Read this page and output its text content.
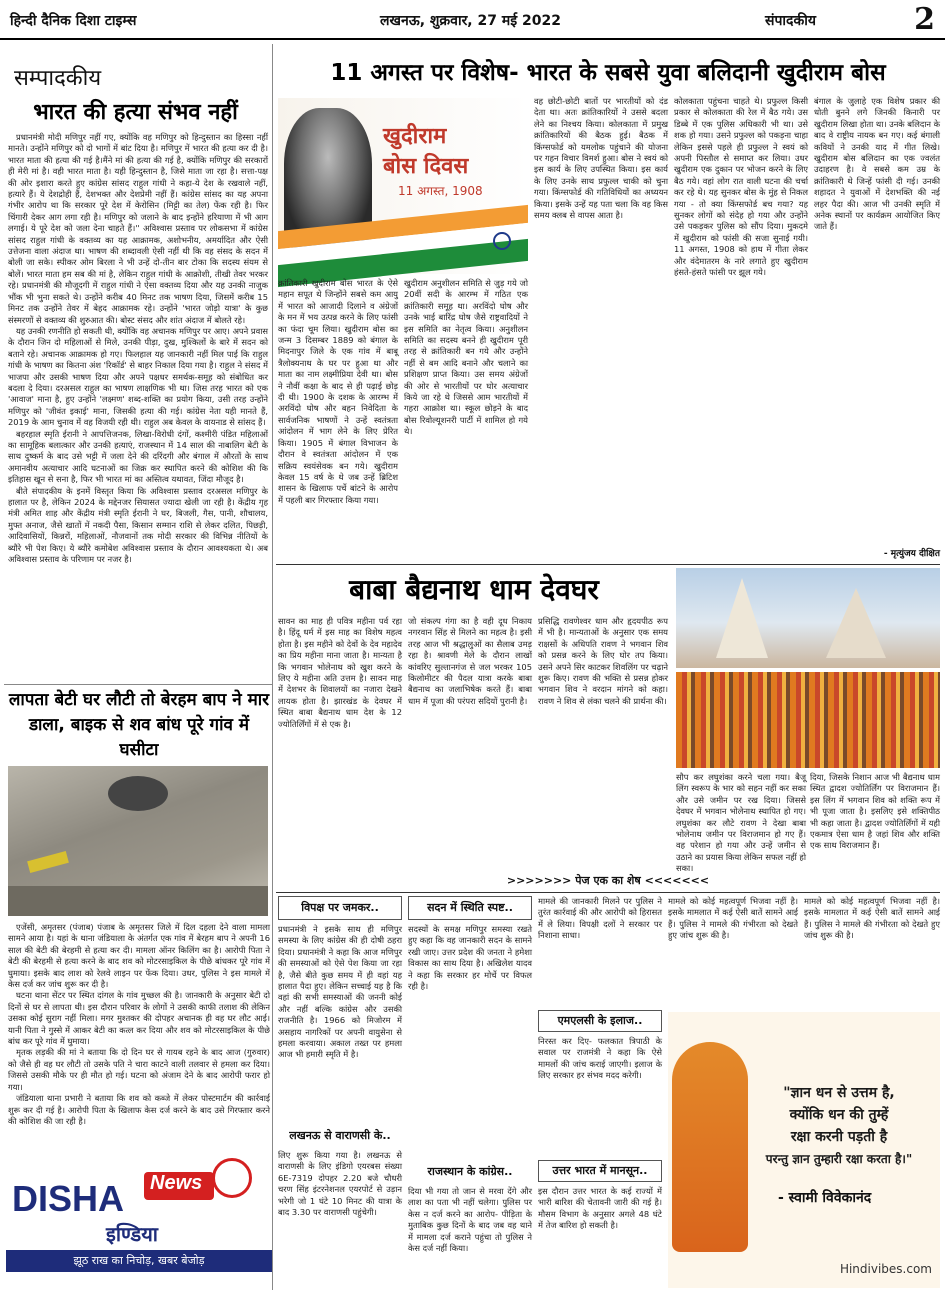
हिन्दी दैनिक दिशा टाइम्स	लखनऊ, शुक्रवार, 27 मई 2022	संपादकीय	2
सम्पादकीय
भारत की हत्या संभव नहीं

प्रधानमंत्री मोदी मणिपुर नहीं गए, क्योंकि वह मणिपुर को हिन्दुस्तान का हिस्सा नहीं मानते। उन्होंने मणिपुर को दो भागों में बांट दिया है। मणिपुर में भारत की हत्या कर दी है।भारत माता की हत्या की गई है।मैंने मां की हत्या की गई है, क्योंकि मणिपुर की सरकारों ही मेरी मां है। वही भारत माता है। यही हिन्दुस्तान है, जिसे माता जा रहा है। सत्ता-पक्ष की ओर इशारा करते हुए कांग्रेस सांसद राहुल गांधी ने कहा-ये देश के रखवाले नहीं, हत्यारे हैं। ये देशद्रोही हैं, देशभक्त और देशप्रेमी नहीं हैं। कांग्रेस सांसद का यह अपना गंभीर आरोप था कि सरकार पूरे देश में केरोसिन (मिट्टी का तेल) फेंक रही है। फिर चिंगारी देकर आग लगा रही है। मणिपुर को जलाने के बाद इन्होंने हरियाणा में भी आग लगाई। ये पूरे देश को जला देना चाहते हैं।'' अविश्वास प्रस्ताव पर लोकसभा में कांग्रेस सांसद राहुल गांधी के वक्तव्य का यह आक्रामक, अशोभनीय, अमर्यादित और ऐसी उत्तेजना वाला अंदाज था। भाषण की शब्दावली ऐसी नहीं थी कि वह संसद के सदन में बोली जा सके। स्पीकर ओम बिरला ने भी उन्हें दो-तीन बार टोका कि सदस्य संयम से बोलें। भारत माता हम सब की मां है, लेकिन राहुल गांधी के आक्रोशी, तीखी तेवर भरकर रहे। प्रधानमंत्री की मौजूदगी में राहुल गांधी ने ऐसा वक्तव्य दिया और यह उनकी नाजुक भौंक भी भुना सकते थे। उन्होंने करीब 40 मिनट तक भाषण दिया, जिसमें करीब 15 मिनट तक उन्होंने तेवर में बेहद आक्रामक रहे। उन्होंने 'भारत जोड़ो यात्रा' के कुछ संस्मरणों से वक्तव्य की शुरुआत की। बोस्ट संसद और शांत अंदाज में बोलते रहे।

यह उनकी रणनीति हो सकती थी, क्योंकि वह अचानक मणिपुर पर आए। अपने प्रवास के दौरान जिन दो महिलाओं से मिले, उनकी पीड़ा, दुख, मुश्किलों के बारे में सदन को बताने रहे। अचानक आक्रामक हो गए। फिलहाल यह जानकारी नहीं मिल पाई कि राहुल गांधी के भाषण का कितना अंश 'रिकॉर्ड' से बाहर निकाल दिया गया है। राहुल ने संसद में भाजपा और उसकी भाषण दिया और अपने पक्षधर समर्थक-समूह को संबोधित कर बदला दे दिया। दरअसल राहुल का भाषण लाक्षणिक भी था। जिस तरह भारत को एक 'आवाज' माना है, हुए उन्होंने 'लक्ष्मण' शब्द-शक्ति का प्रयोग किया, उसी तरह उन्होंने मणिपुर को 'जीवंत इकाई' माना, जिसकी हत्या की गई। कांग्रेस नेता यही मानते हैं, 2019 के आम चुनाव में वह विजयी रही थी। राहुल अब केवल के वायनाड से सांसद हैं।

बहरहाल स्मृति ईरानी ने आपत्तिजनक, लिखा-विरोधी दंगों, कश्मीरी पंडित महिलाओं का सामूहिक बलात्कार और उनकी हत्याएं, राजस्थान में 14 साल की नाबालिग बेटी के साथ दुष्कर्म के बाद उसे भट्टी में जला देने की दरिंदगी और बंगाल में औरतों के साथ अमानवीय अत्याचार आदि घटनाओं का जिक्र कर स्थापित करने की कोशिश की कि इतिहास खून से सना है, फिर भी भारत मां का अस्तित्व यथावत, जिंदा मौजूद है।

बीते संपादकीय के इनमें विस्तृत किया कि अविश्वास प्रस्ताव दरअसल मणिपुर के हालात पर है, लेकिन 2024 के मद्देनजर सियासत ज्यादा खेली जा रही है। केंद्रीय गृह मंत्री अमित शाह और केंद्रीय मंत्री स्मृति ईरानी ने घर, बिजली, गैस, पानी, शौचालय, मुफ्त अनाज, जैसे खातों में नकदी पैसा, किसान सम्मान राशि से लेकर दलित, पिछड़ी, आदिवासियों, किन्नरों, महिलाओं, नौजवानों तक मोदी सरकार की विभिन्न नीतियों के ब्यौरे भी पेश किए। ये ब्यौरे कमोबेश अविश्वास प्रस्ताव के दौरान आवश्यकता थे। अब अविश्वास प्रस्ताव के परिणाम पर नजर है।

लापता बेटी घर लौटी तो बेरहम बाप ने मार डाला, बाइक से शव बांध पूरे गांव में घसीटा

एजेंसी, अमृतसर (पंजाब) पंजाब के अमृतसर जिले में दिल दहला देने वाला मामला सामने आया है। यहां के थाना जंडियाला के अंतर्गत एक गांव में बेरहम बाप ने अपनी 16 साल की बेटी की बेरहमी से हत्या कर दी। मामला ऑनर किलिंग का है। आरोपी पिता ने बेटी की बेरहमी से हत्या करने के बाद शव को मोटरसाइकिल के पीछे बांधकर पूरे गांव में घुमाया। इसके बाद लाश को रेलवे लाइन पर फेंक दिया। उधर, पुलिस ने इस मामले में केस दर्ज कर जांच शुरू कर दी है।

घटना थाना सेंटर पर स्थित दांगल के गांव मुच्छल की है। जानकारी के अनुसार बेटी दो दिनों से घर से लापता थी। इस दौरान परिवार के लोगों ने उसकी काफी तलाश की लेकिन उसका कोई सुराग नहीं मिला। मगर मुश्तकर की दोपहर अचानक ही वह घर लौट आई। यानी पिता ने गुस्से में आकर बेटी का कत्ल कर दिया और शव को मोटरसाइकिल के पीछे बांध कर पूरे गांव में घुमाया।

मृतक लड़की की मां ने बताया कि दो दिन घर से गायब रहने के बाद आज (गुरुवार) को जैसे ही वह घर लौटी तो उसके पति ने चारा काटने वाली तलवार से हमला कर दिया। जिससे उसकी मौके पर ही मौत हो गई। घटना को अंजाम देने के बाद आरोपी फरार हो गया।

जंडियाला थाना प्रभारी ने बताया कि शव को कब्जे में लेकर पोस्टमार्टम की कार्रवाई शुरू कर दी गई है। आरोपी पिता के खिलाफ केस दर्ज करने के बाद उसे गिरफ्तार करने की कोशिश की जा रही है।

DISHA	News
इण्डिया
झूठ राख का निचोड़, खबर बेजोड़
11 अगस्त पर विशेष- भारत के सबसे युवा बलिदानी खुदीराम बोस
खुदीराम
बोस दिवस
11 अगस्त, 1908
क्रांतिकारी खुदीराम बोस भारत के ऐसे महान सपूत थे जिन्होंने सबसे कम आयु में भारत को आजादी दिलाने व अंग्रेजों के मन में भय उत्पन्न करने के लिए फांसी का फंदा चूम लिया। खुदीराम बोस का जन्म 3 दिसम्बर 1889 को बंगाल के मिदनापुर जिले के एक गांव में बाबू त्रैलोक्यनाथ के घर पर हुआ था और माता का नाम लक्ष्मीप्रिया देवी था। बोस ने नौवीं कक्षा के बाद से ही पढ़ाई छोड़ दी थी। 1900 के दशक के आरम्भ में अरविंदो घोष और बहन निवेदिता के सार्वजनिक भाषणों ने उन्हें स्वतंत्रता आंदोलन में भाग लेने के लिए प्रेरित किया। 1905 में बंगाल विभाजन के दौरान वे स्वतंत्रता आंदोलन में एक सक्रिय स्वयंसेवक बन गये। खुदीराम केवल 15 वर्ष के थे जब उन्हें ब्रिटिश शासन के खिलाफ पर्चे बांटने के आरोप में पहली बार गिरफ्तार किया गया।
खुदीराम अनुशीलन समिति से जुड़ गये जो 20वीं सदी के आरम्भ में गठित एक क्रांतिकारी समूह था। अरविंदो घोष और उनके भाई बारिंद्र घोष जैसे राष्ट्रवादियों ने इस समिति का नेतृत्व किया। अनुशीलन समिति का सदस्य बनने ही खुदीराम पूरी तरह से क्रांतिकारी बन गये और उन्होंने नहीं से बम आदि बनाने और चलाने का प्रशिक्षण प्राप्त किया। उस समय अंग्रेजों की ओर से भारतीयों पर घोर अत्याचार किये जा रहे थे जिससे आम भारतीयों में गहरा आक्रोश था। स्कूल छोड़ने के बाद बोस रिवोल्यूशनरी पार्टी में शामिल हो गये थे।
वह छोटी-छोटी बातों पर भारतीयों को दंड देता था। अतः क्रांतिकारियों ने उससे बदला लेने का निश्चय किया। कोलकाता में प्रमुख क्रांतिकारियों की बैठक हुई। बैठक में किंग्सफोर्ड को यमलोक पहुंचाने की योजना पर गहन विचार विमर्श हुआ। बोस ने स्वयं को इस कार्य के लिए उपस्थित किया। इस कार्य के लिए उनके साथ प्रफुल्ल चाकी को चुना गया। किंग्सफोर्ड की गतिविधियों का अध्ययन किया। इसके उन्हें यह पता चला कि वह किस समय क्लब से वापस आता है।
कोलकाता पहुंचना चाहते थे। प्रफुल्ल किसी प्रकार से कोलकाता की रेल में बैठ गये। उस डिब्बे में एक पुलिस अधिकारी भी था। उसे शक हो गया। उसने प्रफुल्ल को पकड़ना चाहा लेकिन इससे पहले ही प्रफुल्ल ने स्वयं को अपनी पिस्तौल से समाप्त कर लिया। उधर खुदीराम एक दुकान पर भोजन करने के लिए बैठ गये। वहां लोग रात वाली घटना की चर्चा कर रहे थे। यह सुनकर बोस के मुंह से निकल गया - तो क्या किंग्सफोर्ड बच गया? यह सुनकर लोगों को संदेह हो गया और उन्होंने उसे पकड़कर पुलिस को सौंप दिया। मुकदमे में खुदीराम को फांसी की सजा सुनाई गयी। 11 अगस्त, 1908 को हाथ में गीता लेकर और वंदेमातरम के नारे लगाते हुए खुदीराम हंसते-हंसते फांसी पर झूल गये।
बंगाल के जुलाहे एक विशेष प्रकार की धोती बुनने लगे जिनकी किनारी पर खुदीराम लिखा होता था। उनके बलिदान के बाद वे राष्ट्रीय नायक बन गए। कई बंगाली कवियों ने उनकी याद में गीत लिखे। खुदीराम बोस बलिदान का एक ज्वलंत उदाहरण है। वे सबसे कम उम्र के क्रांतिकारी थे जिन्हें फांसी दी गई। उनकी शहादत ने युवाओं में देशभक्ति की नई लहर पैदा की। आज भी उनकी स्मृति में अनेक स्थानों पर कार्यक्रम आयोजित किए जाते हैं।
- मृत्युंजय दीक्षित
बाबा बैद्यनाथ धाम देवघर
सावन का माह ही पवित्र महीना पर्व रहा है। हिंदू धर्म में इस माह का विशेष महत्व होता है। इस महीने को देवों के देव महादेव का प्रिय महीना माना जाता है। मान्यता है कि भगवान भोलेनाथ को खुश करने के लिए ये महीना अति उत्तम है। सावन माह में देशभर के शिवालयों का नजारा देखने लायक होता है। झारखंड के देवघर में स्थित बाबा बैद्यनाथ धाम देश के 12 ज्योतिर्लिंगों में से एक है।
जो संकल्प गंगा का है वही दूध निकाय नगरवान सिंह से मिलने का महत्व है। इसी तरह आज भी श्रद्धालुओं का सैलाब उमड़ रहा है। श्रावणी मेले के दौरान लाखों कांवरिए सुल्तानगंज से जल भरकर 105 किलोमीटर की पैदल यात्रा करके बाबा बैद्यनाथ का जलाभिषेक करते हैं। बाबा धाम में पूजा की परंपरा सदियों पुरानी है।
प्रसिद्धि रावणेश्वर धाम और हृदयपीठ रूप में भी है। मान्यताओं के अनुसार एक समय राक्षसों के अधिपति रावण ने भगवान शिव को प्रसन्न करने के लिए घोर तप किया। उसने अपने सिर काटकर शिवलिंग पर चढ़ाने शुरू किए। रावण की भक्ति से प्रसन्न होकर भगवान शिव ने वरदान मांगने को कहा। रावण ने शिव से लंका चलने की प्रार्थना की।
सौप कर लघुशंका करने चला गया। बैजू लिंग स्वरूप के भार को सहन नहीं कर सका और उसे जमीन पर रख दिया। जिससे देवघर में भगवान भोलेनाथ स्थापित हो गए। लघुशंका कर लौटे रावण ने देखा बाबा भोलेनाथ जमीन पर विराजमान हो गए हैं। वह परेशान हो गया और उन्हें जमीन से उठाने का प्रयास किया लेकिन सफल नहीं हो सका।
दिया, जिसके निशान आज भी बैद्यनाथ धाम स्थित द्वादश ज्योतिर्लिंग पर विराजमान हैं। इस लिंग में भगवान शिव को शक्ति रूप में भी पूजा जाता है। इसलिए इसे शक्तिपीठ भी कहा जाता है। द्वादश ज्योतिर्लिंगों में यही एकमात्र ऐसा धाम है जहां शिव और शक्ति एक साथ विराजमान हैं।
>>>>>>> पेज एक का शेष <<<<<<<
विपक्ष पर जमकर..
प्रधानमंत्री ने इसके साथ ही मणिपुर समस्या के लिए कांग्रेस की ही दोषी ठहरा दिया। प्रधानमंत्री ने कहा कि आज मणिपुर की समस्याओं को ऐसे पेश किया जा रहा है, जैसे बीते कुछ समय में ही वहां यह हालात पैदा हुए। लेकिन सच्चाई यह है कि वहां की सभी समस्याओं की जननी कोई और नहीं बल्कि कांग्रेस और उसकी राजनीति है। 1966 को मिजोरम में असहाय नागरिकों पर अपनी वायुसेना से हमला करवाया। अकाल तख्त पर हमला आज भी हमारी स्मृति में है।
लखनऊ से वाराणसी के..
लिए शुरू किया गया है। लखनऊ से वाराणसी के लिए इंडिगो एयरबस संख्या 6E-7319 दोपहर 2.20 बजे चौधरी चरण सिंह इंटरनेशनल एयरपोर्ट से उड़ान भरेगी जो 1 घंटे 10 मिनट की यात्रा के बाद 3.30 पर वाराणसी पहुंचेगी।
सदन में स्थिति स्पष्ट..
सदस्यों के समक्ष मणिपुर समस्या रखते हुए कहा कि वह जानकारी सदन के सामने रखी जाए। उत्तर प्रदेश की जनता ने हमेशा विकास का साथ दिया है। अखिलेश यादव ने कहा कि सरकार हर मोर्चे पर विफल रही है।
राजस्थान के कांग्रेस..
दिया भी गया तो जान से मरवा देंगे और लाश का पता भी नहीं चलेगा। पुलिस पर केस न दर्ज करने का आरोप- पीड़िता के मुताबिक कुछ दिनों के बाद जब वह थाने में मामला दर्ज कराने पहुंचा तो पुलिस ने केस दर्ज नहीं किया।
मामले की जानकारी मिलने पर पुलिस ने तुरंत कार्रवाई की और आरोपी को हिरासत में ले लिया। विपक्षी दलों ने सरकार पर निशाना साधा।
एमएलसी के इलाज..
निरस्त कर दिए- फलकात त्रिपाठी के सवाल पर राजमंत्री ने कहा कि ऐसे मामलों की जांच कराई जाएगी। इलाज के लिए सरकार हर संभव मदद करेगी।
उत्तर भारत में मानसून..
इस दौरान उत्तर भारत के कई राज्यों में भारी बारिश की चेतावनी जारी की गई है। मौसम विभाग के अनुसार अगले 48 घंटे में तेज बारिश हो सकती है।
मामले को कोई महत्वपूर्ण भिजवा नहीं है। इसके मामलात में कई ऐसी बातें सामने आई हैं। पुलिस ने मामले की गंभीरता को देखते हुए जांच शुरू की है।
मामले को कोई महत्वपूर्ण भिजवा नहीं है। इसके मामलात में कई ऐसी बातें सामने आई हैं। पुलिस ने मामले की गंभीरता को देखते हुए जांच शुरू की है।
"ज्ञान धन से उत्तम है,
क्योंकि धन की तुम्हें
रक्षा करनी पड़ती है
परन्तु ज्ञान तुम्हारी रक्षा करता है।"
- स्वामी विवेकानंद
Hindivibes.com
